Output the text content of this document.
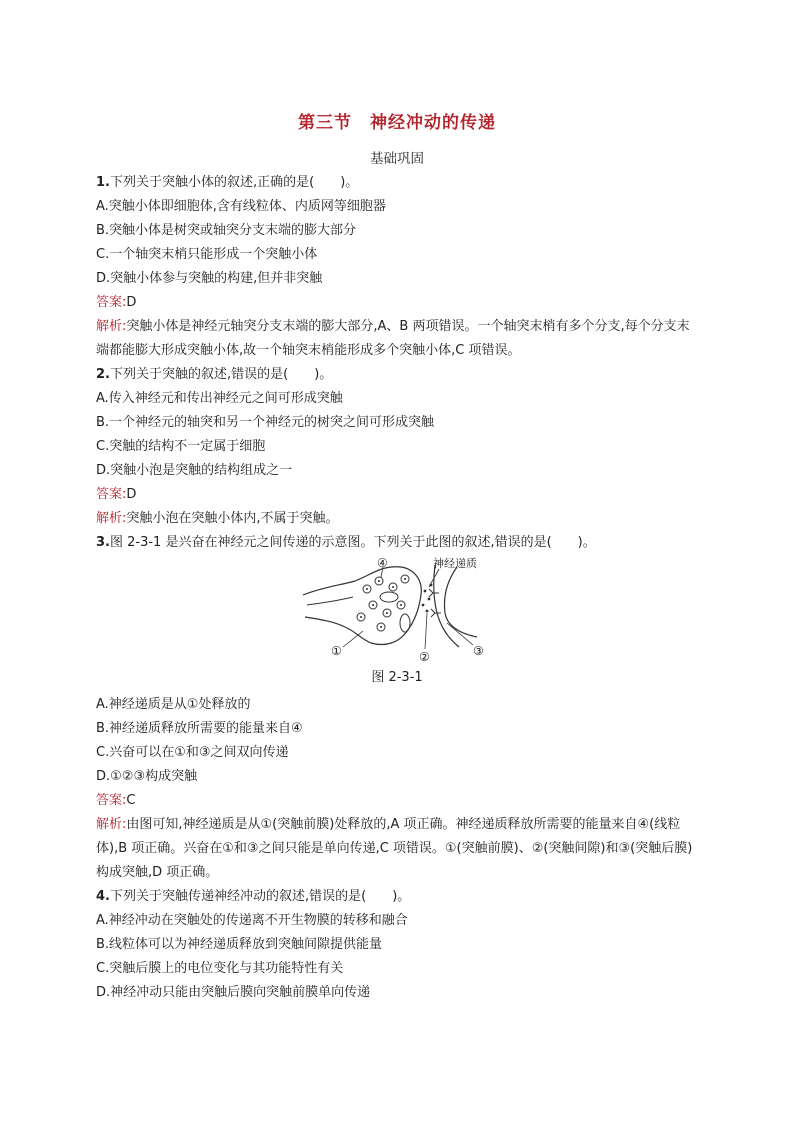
第三节　神经冲动的传递
基础巩固
1.下列关于突触小体的叙述,正确的是(　　)。
A.突触小体即细胞体,含有线粒体、内质网等细胞器
B.突触小体是树突或轴突分支末端的膨大部分
C.一个轴突末梢只能形成一个突触小体
D.突触小体参与突触的构建,但并非突触
答案:D
解析:突触小体是神经元轴突分支末端的膨大部分,A、B 两项错误。一个轴突末梢有多个分支,每个分支末端都能膨大形成突触小体,故一个轴突末梢能形成多个突触小体,C 项错误。
2.下列关于突触的叙述,错误的是(　　)。
A.传入神经元和传出神经元之间可形成突触
B.一个神经元的轴突和另一个神经元的树突之间可形成突触
C.突触的结构不一定属于细胞
D.突触小泡是突触的结构组成之一
答案:D
解析:突触小泡在突触小体内,不属于突触。
3.图 2-3-1 是兴奋在神经元之间传递的示意图。下列关于此图的叙述,错误的是(　　)。
④	神经递质
①	②	③
图 2-3-1
A.神经递质是从①处释放的
B.神经递质释放所需要的能量来自④
C.兴奋可以在①和③之间双向传递
D.①②③构成突触
答案:C
解析:由图可知,神经递质是从①(突触前膜)处释放的,A 项正确。神经递质释放所需要的能量来自④(线粒体),B 项正确。兴奋在①和③之间只能是单向传递,C 项错误。①(突触前膜)、②(突触间隙)和③(突触后膜)构成突触,D 项正确。
4.下列关于突触传递神经冲动的叙述,错误的是(　　)。
A.神经冲动在突触处的传递离不开生物膜的转移和融合
B.线粒体可以为神经递质释放到突触间隙提供能量
C.突触后膜上的电位变化与其功能特性有关
D.神经冲动只能由突触后膜向突触前膜单向传递
